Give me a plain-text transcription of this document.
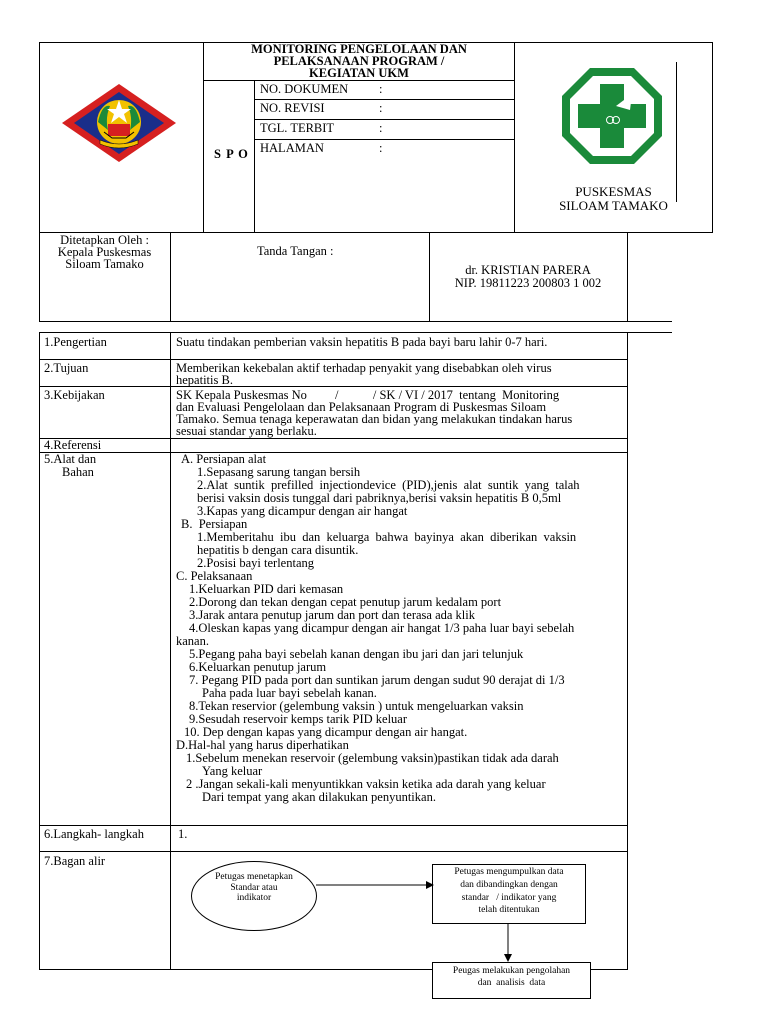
MONITORING PENGELOLAAN DAN
PELAKSANAAN PROGRAM /
KEGIATAN UKM
S P O
NO. DOKUMEN :
NO. REVISI	:
TGL. TERBIT	:
HALAMAN	:
PUSKESMAS
SILOAM TAMAKO
Ditetapkan Oleh :
Kepala Puskesmas
Siloam Tamako
Tanda Tangan :
dr. KRISTIAN PARERA
NIP. 19811223 200803 1 002
1.Pengertian	Suatu tindakan pemberian vaksin hepatitis B pada bayi baru lahir 0-7 hari.
2.Tujuan	Memberikan kekebalan aktif terhadap penyakit yang disebabkan oleh virus
hepatitis B.
3.Kebijakan	SK Kepala Puskesmas No         /           / SK / VI / 2017  tentang  Monitoring
dan Evaluasi Pengelolaan dan Pelaksanaan Program di Puskesmas Siloam
Tamako. Semua tenaga keperawatan dan bidan yang melakukan tindakan harus
sesuai standar yang berlaku.
4.Referensi
5.Alat dan
Bahan
A. Persiapan alat
1.Sepasang sarung tangan bersih
2.Alat  suntik  prefilled  injectiondevice  (PID),jenis  alat  suntik  yang  talah
berisi vaksin dosis tunggal dari pabriknya,berisi vaksin hepatitis B 0,5ml
3.Kapas yang dicampur dengan air hangat
B.  Persiapan
1.Memberitahu  ibu  dan  keluarga  bahwa  bayinya  akan  diberikan  vaksin
hepatitis b dengan cara disuntik.
2.Posisi bayi terlentang
C. Pelaksanaan
1.Keluarkan PID dari kemasan
2.Dorong dan tekan dengan cepat penutup jarum kedalam port
3.Jarak antara penutup jarum dan port dan terasa ada klik
4.Oleskan kapas yang dicampur dengan air hangat 1/3 paha luar bayi sebelah
kanan.
5.Pegang paha bayi sebelah kanan dengan ibu jari dan jari telunjuk
6.Keluarkan penutup jarum
7. Pegang PID pada port dan suntikan jarum dengan sudut 90 derajat di 1/3
Paha pada luar bayi sebelah kanan.
8.Tekan reservior (gelembung vaksin ) untuk mengeluarkan vaksin
9.Sesudah reservoir kemps tarik PID keluar
10. Dep dengan kapas yang dicampur dengan air hangat.
D.Hal-hal yang harus diperhatikan
1.Sebelum menekan reservoir (gelembung vaksin)pastikan tidak ada darah
Yang keluar
2 .Jangan sekali-kali menyuntikkan vaksin ketika ada darah yang keluar
Dari tempat yang akan dilakukan penyuntikan.
6.Langkah- langkah	1.
7.Bagan alir
Petugas menetapkan
Standar atau
indikator
Petugas mengumpulkan data
dan dibandingkan dengan
standar   / indikator yang
telah ditentukan
Peugas melakukan pengolahan
dan  analisis  data
